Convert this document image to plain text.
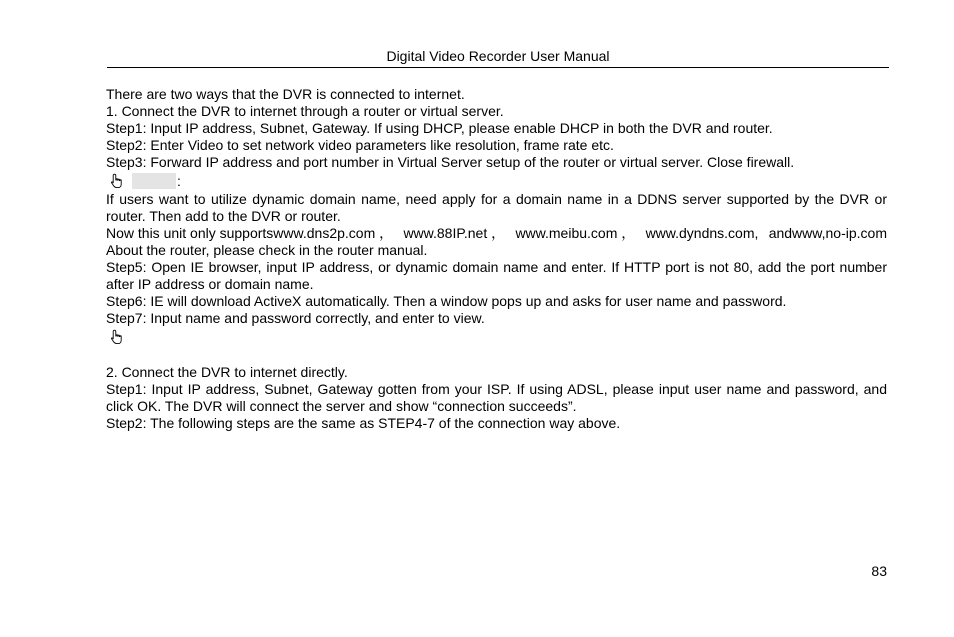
Digital Video Recorder User Manual
There are two ways that the DVR is connected to internet.
1. Connect the DVR to internet through a router or virtual server.
Step1: Input IP address, Subnet, Gateway. If using DHCP, please enable DHCP in both the DVR and router.
Step2: Enter Video to set network video parameters like resolution, frame rate etc.
Step3: Forward IP address and port number in Virtual Server setup of the router or virtual server. Close firewall.
:
If users want to utilize dynamic domain name, need apply for a domain name in a DDNS server supported by the DVR or router. Then add to the DVR or router.
Now this unit only supportswww.dns2p.com ， www.88IP.net ， www.meibu.com ， www.dyndns.com, andwww,no-ip.com
About the router, please check in the router manual.
Step5: Open IE browser, input IP address, or dynamic domain name and enter. If HTTP port is not 80, add the port number after IP address or domain name.
Step6: IE will download ActiveX automatically. Then a window pops up and asks for user name and password.
Step7: Input name and password correctly, and enter to view.
2. Connect the DVR to internet directly.
Step1: Input IP address, Subnet, Gateway gotten from your ISP. If using ADSL, please input user name and password, and click OK. The DVR will connect the server and show “connection succeeds”.
Step2: The following steps are the same as STEP4-7 of the connection way above.
83
